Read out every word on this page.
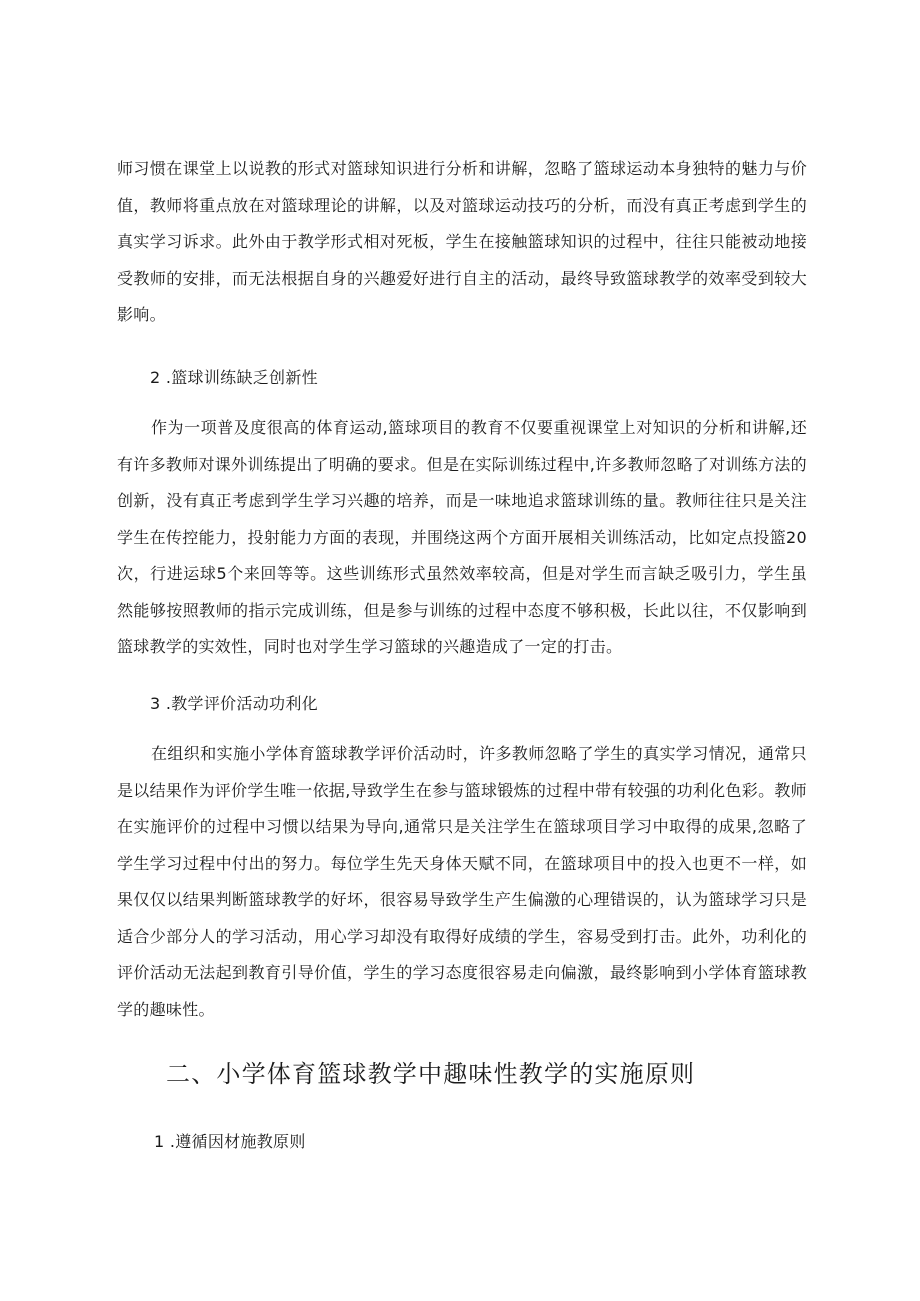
师习惯在课堂上以说教的形式对篮球知识进行分析和讲解，忽略了篮球运动本身独特的魅力与价值，教师将重点放在对篮球理论的讲解，以及对篮球运动技巧的分析，而没有真正考虑到学生的真实学习诉求。此外由于教学形式相对死板，学生在接触篮球知识的过程中，往往只能被动地接受教师的安排，而无法根据自身的兴趣爱好进行自主的活动，最终导致篮球教学的效率受到较大影响。

2 .篮球训练缺乏创新性

作为一项普及度很高的体育运动,篮球项目的教育不仅要重视课堂上对知识的分析和讲解,还有许多教师对课外训练提出了明确的要求。但是在实际训练过程中,许多教师忽略了对训练方法的创新，没有真正考虑到学生学习兴趣的培养，而是一味地追求篮球训练的量。教师往往只是关注学生在传控能力，投射能力方面的表现，并围绕这两个方面开展相关训练活动，比如定点投篮20次，行进运球5个来回等等。这些训练形式虽然效率较高，但是对学生而言缺乏吸引力，学生虽然能够按照教师的指示完成训练，但是参与训练的过程中态度不够积极，长此以往，不仅影响到篮球教学的实效性，同时也对学生学习篮球的兴趣造成了一定的打击。

3 .教学评价活动功利化

在组织和实施小学体育篮球教学评价活动时，许多教师忽略了学生的真实学习情况，通常只是以结果作为评价学生唯一依据,导致学生在参与篮球锻炼的过程中带有较强的功利化色彩。教师在实施评价的过程中习惯以结果为导向,通常只是关注学生在篮球项目学习中取得的成果,忽略了学生学习过程中付出的努力。每位学生先天身体天赋不同，在篮球项目中的投入也更不一样，如果仅仅以结果判断篮球教学的好坏，很容易导致学生产生偏激的心理错误的，认为篮球学习只是适合少部分人的学习活动，用心学习却没有取得好成绩的学生，容易受到打击。此外，功利化的评价活动无法起到教育引导价值，学生的学习态度很容易走向偏激，最终影响到小学体育篮球教学的趣味性。

二、小学体育篮球教学中趣味性教学的实施原则
1 .遵循因材施教原则
